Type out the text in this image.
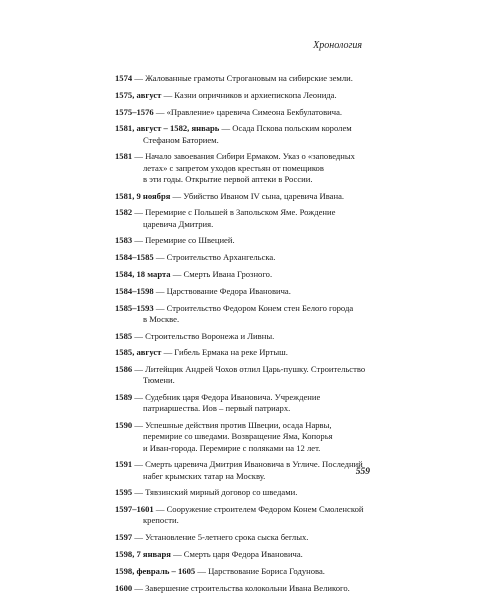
Хронология
1574 — Жалованные грамоты Строгановым на сибирские земли.
1575, август — Казни опричников и архиепископа Леонида.
1575–1576 — «Правление» царевича Симеона Бекбулатовича.
1581, август – 1582, январь — Осада Пскова польским королем
Стефаном Баторием.
1581 — Начало завоевания Сибири Ермаком. Указ о «заповедных
летах» с запретом уходов крестьян от помещиков
в эти годы. Открытие первой аптеки в России.
1581, 9 ноября — Убийство Иваном IV сына, царевича Ивана.
1582 — Перемирие с Польшей в Запольском Яме. Рождение
царевича Дмитрия.
1583 — Перемирие со Швецией.
1584–1585 — Строительство Архангельска.
1584, 18 марта — Смерть Ивана Грозного.
1584–1598 — Царствование Федора Ивановича.
1585–1593 — Строительство Федором Конем стен Белого города
в Москве.
1585 — Строительство Воронежа и Ливны.
1585, август — Гибель Ермака на реке Иртыш.
1586 — Литейщик Андрей Чохов отлил Царь-пушку. Строительство
Тюмени.
1589 — Судебник царя Федора Ивановича. Учреждение
патриаршества. Иов – первый патриарх.
1590 — Успешные действия против Швеции, осада Нарвы,
перемирие со шведами. Возвращение Яма, Копорья
и Иван-города. Перемирие с поляками на 12 лет.
1591 — Смерть царевича Дмитрия Ивановича в Угличе. Последний
набег крымских татар на Москву.
1595 — Тявзинский мирный договор со шведами.
1597–1601 — Сооружение строителем Федором Конем Смоленской
крепости.
1597 — Установление 5-летнего срока сыска беглых.
1598, 7 января — Смерть царя Федора Ивановича.
1598, февраль – 1605 — Царствование Бориса Годунова.
1600 — Завершение строительства колокольни Ивана Великого.
559
